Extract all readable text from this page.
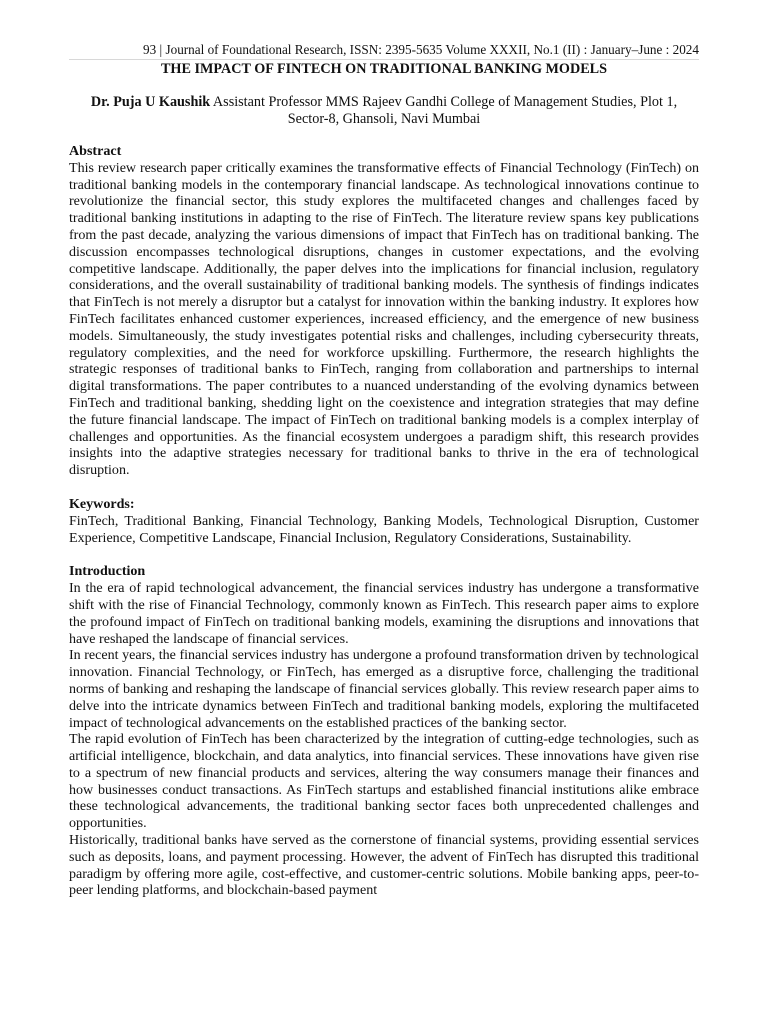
93 | Journal of Foundational Research, ISSN: 2395-5635 Volume XXXII, No.1 (II) : January–June : 2024
THE IMPACT OF FINTECH ON TRADITIONAL BANKING MODELS
Dr. Puja U Kaushik Assistant Professor MMS Rajeev Gandhi College of Management Studies, Plot 1, Sector-8, Ghansoli, Navi Mumbai

Abstract

This review research paper critically examines the transformative effects of Financial Technology (FinTech) on traditional banking models in the contemporary financial landscape. As technological innovations continue to revolutionize the financial sector, this study explores the multifaceted changes and challenges faced by traditional banking institutions in adapting to the rise of FinTech. The literature review spans key publications from the past decade, analyzing the various dimensions of impact that FinTech has on traditional banking. The discussion encompasses technological disruptions, changes in customer expectations, and the evolving competitive landscape. Additionally, the paper delves into the implications for financial inclusion, regulatory considerations, and the overall sustainability of traditional banking models. The synthesis of findings indicates that FinTech is not merely a disruptor but a catalyst for innovation within the banking industry. It explores how FinTech facilitates enhanced customer experiences, increased efficiency, and the emergence of new business models. Simultaneously, the study investigates potential risks and challenges, including cybersecurity threats, regulatory complexities, and the need for workforce upskilling. Furthermore, the research highlights the strategic responses of traditional banks to FinTech, ranging from collaboration and partnerships to internal digital transformations. The paper contributes to a nuanced understanding of the evolving dynamics between FinTech and traditional banking, shedding light on the coexistence and integration strategies that may define the future financial landscape. The impact of FinTech on traditional banking models is a complex interplay of challenges and opportunities. As the financial ecosystem undergoes a paradigm shift, this research provides insights into the adaptive strategies necessary for traditional banks to thrive in the era of technological disruption.

Keywords:

FinTech, Traditional Banking, Financial Technology, Banking Models, Technological Disruption, Customer Experience, Competitive Landscape, Financial Inclusion, Regulatory Considerations, Sustainability.

Introduction

In the era of rapid technological advancement, the financial services industry has undergone a transformative shift with the rise of Financial Technology, commonly known as FinTech. This research paper aims to explore the profound impact of FinTech on traditional banking models, examining the disruptions and innovations that have reshaped the landscape of financial services.

In recent years, the financial services industry has undergone a profound transformation driven by technological innovation. Financial Technology, or FinTech, has emerged as a disruptive force, challenging the traditional norms of banking and reshaping the landscape of financial services globally. This review research paper aims to delve into the intricate dynamics between FinTech and traditional banking models, exploring the multifaceted impact of technological advancements on the established practices of the banking sector.

The rapid evolution of FinTech has been characterized by the integration of cutting-edge technologies, such as artificial intelligence, blockchain, and data analytics, into financial services. These innovations have given rise to a spectrum of new financial products and services, altering the way consumers manage their finances and how businesses conduct transactions. As FinTech startups and established financial institutions alike embrace these technological advancements, the traditional banking sector faces both unprecedented challenges and opportunities.

Historically, traditional banks have served as the cornerstone of financial systems, providing essential services such as deposits, loans, and payment processing. However, the advent of FinTech has disrupted this traditional paradigm by offering more agile, cost-effective, and customer-centric solutions. Mobile banking apps, peer-to-peer lending platforms, and blockchain-based payment
